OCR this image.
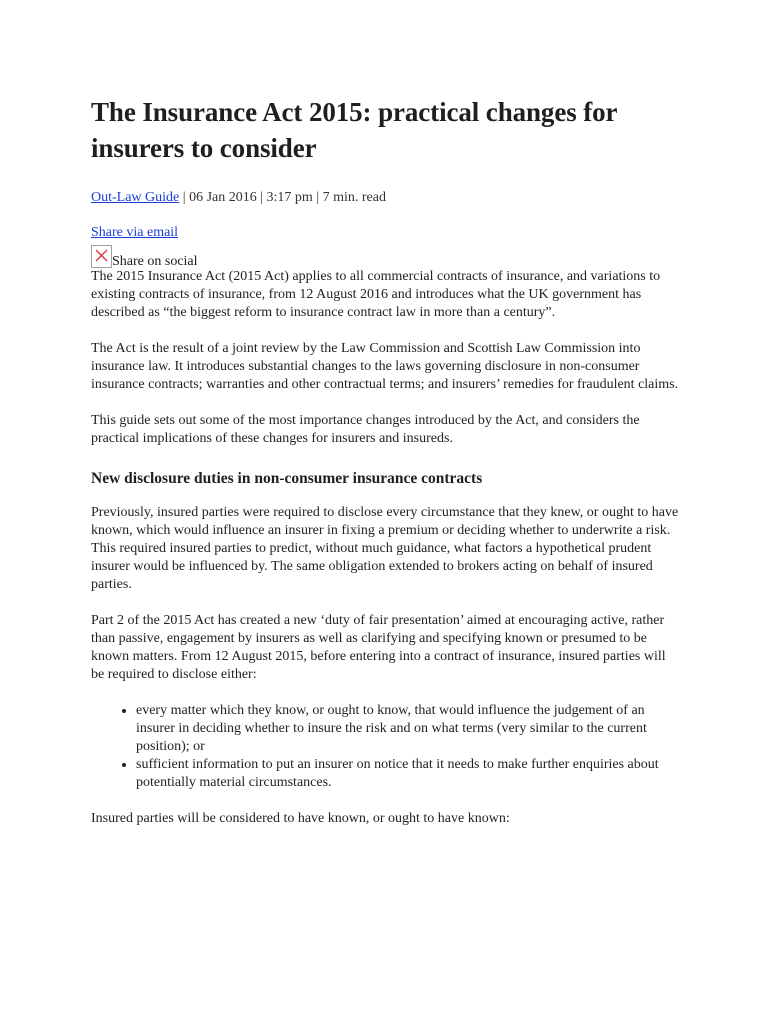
The Insurance Act 2015: practical changes for insurers to consider
Out-Law Guide | 06 Jan 2016 | 3:17 pm | 7 min. read
Share via email
Share on social

The 2015 Insurance Act (2015 Act) applies to all commercial contracts of insurance, and variations to existing contracts of insurance, from 12 August 2016 and introduces what the UK government has described as “the biggest reform to insurance contract law in more than a century”.

The Act is the result of a joint review by the Law Commission and Scottish Law Commission into insurance law. It introduces substantial changes to the laws governing disclosure in non-consumer insurance contracts; warranties and other contractual terms; and insurers’ remedies for fraudulent claims.

This guide sets out some of the most importance changes introduced by the Act, and considers the practical implications of these changes for insurers and insureds.

New disclosure duties in non-consumer insurance contracts

Previously, insured parties were required to disclose every circumstance that they knew, or ought to have known, which would influence an insurer in fixing a premium or deciding whether to underwrite a risk. This required insured parties to predict, without much guidance, what factors a hypothetical prudent insurer would be influenced by. The same obligation extended to brokers acting on behalf of insured parties.

Part 2 of the 2015 Act has created a new ‘duty of fair presentation’ aimed at encouraging active, rather than passive, engagement by insurers as well as clarifying and specifying known or presumed to be known matters. From 12 August 2015, before entering into a contract of insurance, insured parties will be required to disclose either:

• every matter which they know, or ought to know, that would influence the judgement of an insurer in deciding whether to insure the risk and on what terms (very similar to the current position); or
• sufficient information to put an insurer on notice that it needs to make further enquiries about potentially material circumstances.

Insured parties will be considered to have known, or ought to have known:
